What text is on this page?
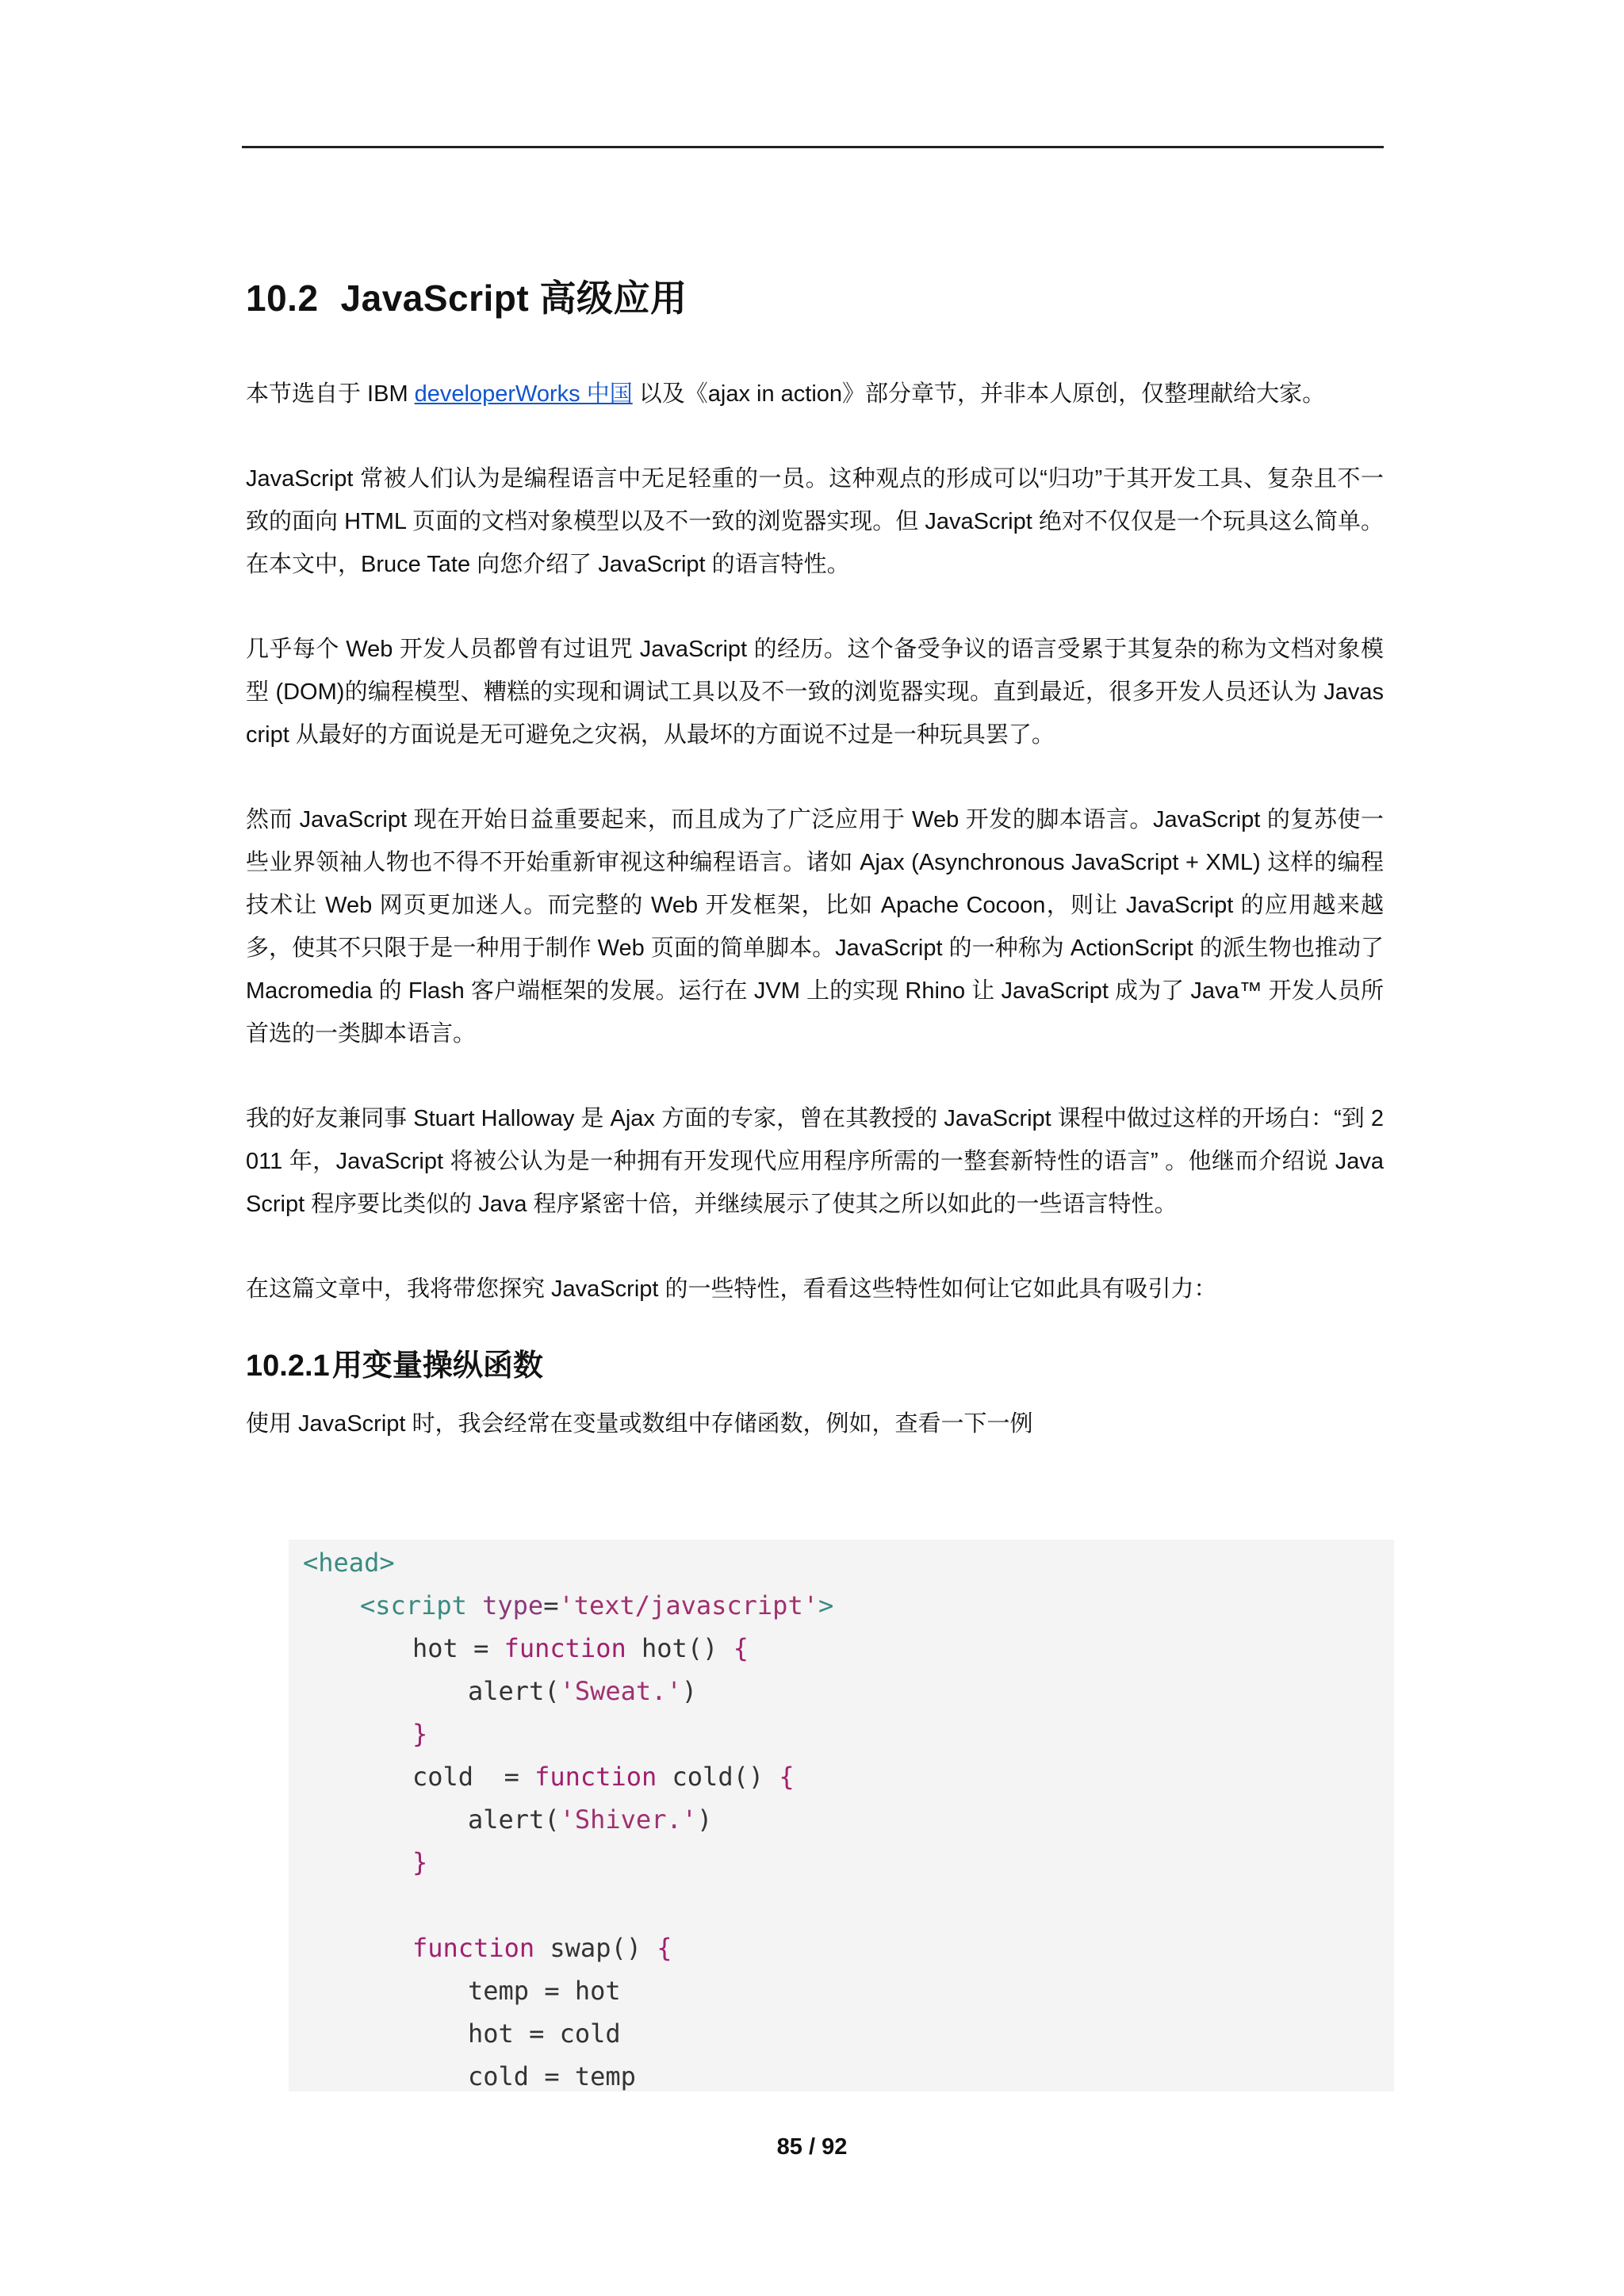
10.2 JavaScript 高级应用

本节选自于 IBM developerWorks 中国 以及《ajax in action》部分章节，并非本人原创，仅整理献给大家。

JavaScript 常被人们认为是编程语言中无足轻重的一员。这种观点的形成可以“归功”于其开发工具、复杂且不一致的面向 HTML 页面的文档对象模型以及不一致的浏览器实现。但 JavaScript 绝对不仅仅是一个玩具这么简单。在本文中，Bruce Tate 向您介绍了 JavaScript 的语言特性。

几乎每个 Web 开发人员都曾有过诅咒 JavaScript 的经历。这个备受争议的语言受累于其复杂的称为文档对象模型 (DOM)的编程模型、糟糕的实现和调试工具以及不一致的浏览器实现。直到最近，很多开发人员还认为 Javascript 从最好的方面说是无可避免之灾祸，从最坏的方面说不过是一种玩具罢了。

然而 JavaScript 现在开始日益重要起来，而且成为了广泛应用于 Web 开发的脚本语言。JavaScript 的复苏使一些业界领袖人物也不得不开始重新审视这种编程语言。诸如 Ajax (Asynchronous JavaScript + XML) 这样的编程技术让 Web 网页更加迷人。而完整的 Web 开发框架，比如 Apache Cocoon，则让 JavaScript 的应用越来越多，使其不只限于是一种用于制作 Web 页面的简单脚本。JavaScript 的一种称为 ActionScript 的派生物也推动了 Macromedia 的 Flash 客户端框架的发展。运行在 JVM 上的实现 Rhino 让 JavaScript 成为了 Java™ 开发人员所首选的一类脚本语言。

我的好友兼同事 Stuart Halloway 是 Ajax 方面的专家，曾在其教授的 JavaScript 课程中做过这样的开场白：“到 2011 年，JavaScript 将被公认为是一种拥有开发现代应用程序所需的一整套新特性的语言” 。他继而介绍说 JavaScript 程序要比类似的 Java 程序紧密十倍，并继续展示了使其之所以如此的一些语言特性。

在这篇文章中，我将带您探究 JavaScript 的一些特性，看看这些特性如何让它如此具有吸引力：

10.2.1 用变量操纵函数

使用 JavaScript 时，我会经常在变量或数组中存储函数，例如，查看一下一例

<head>
<script type='text/javascript'>
hot = function hot() {
alert('Sweat.')
}
cold  = function cold() {
alert('Shiver.')
}
function swap() {
temp = hot
hot = cold
cold = temp
85 / 92
